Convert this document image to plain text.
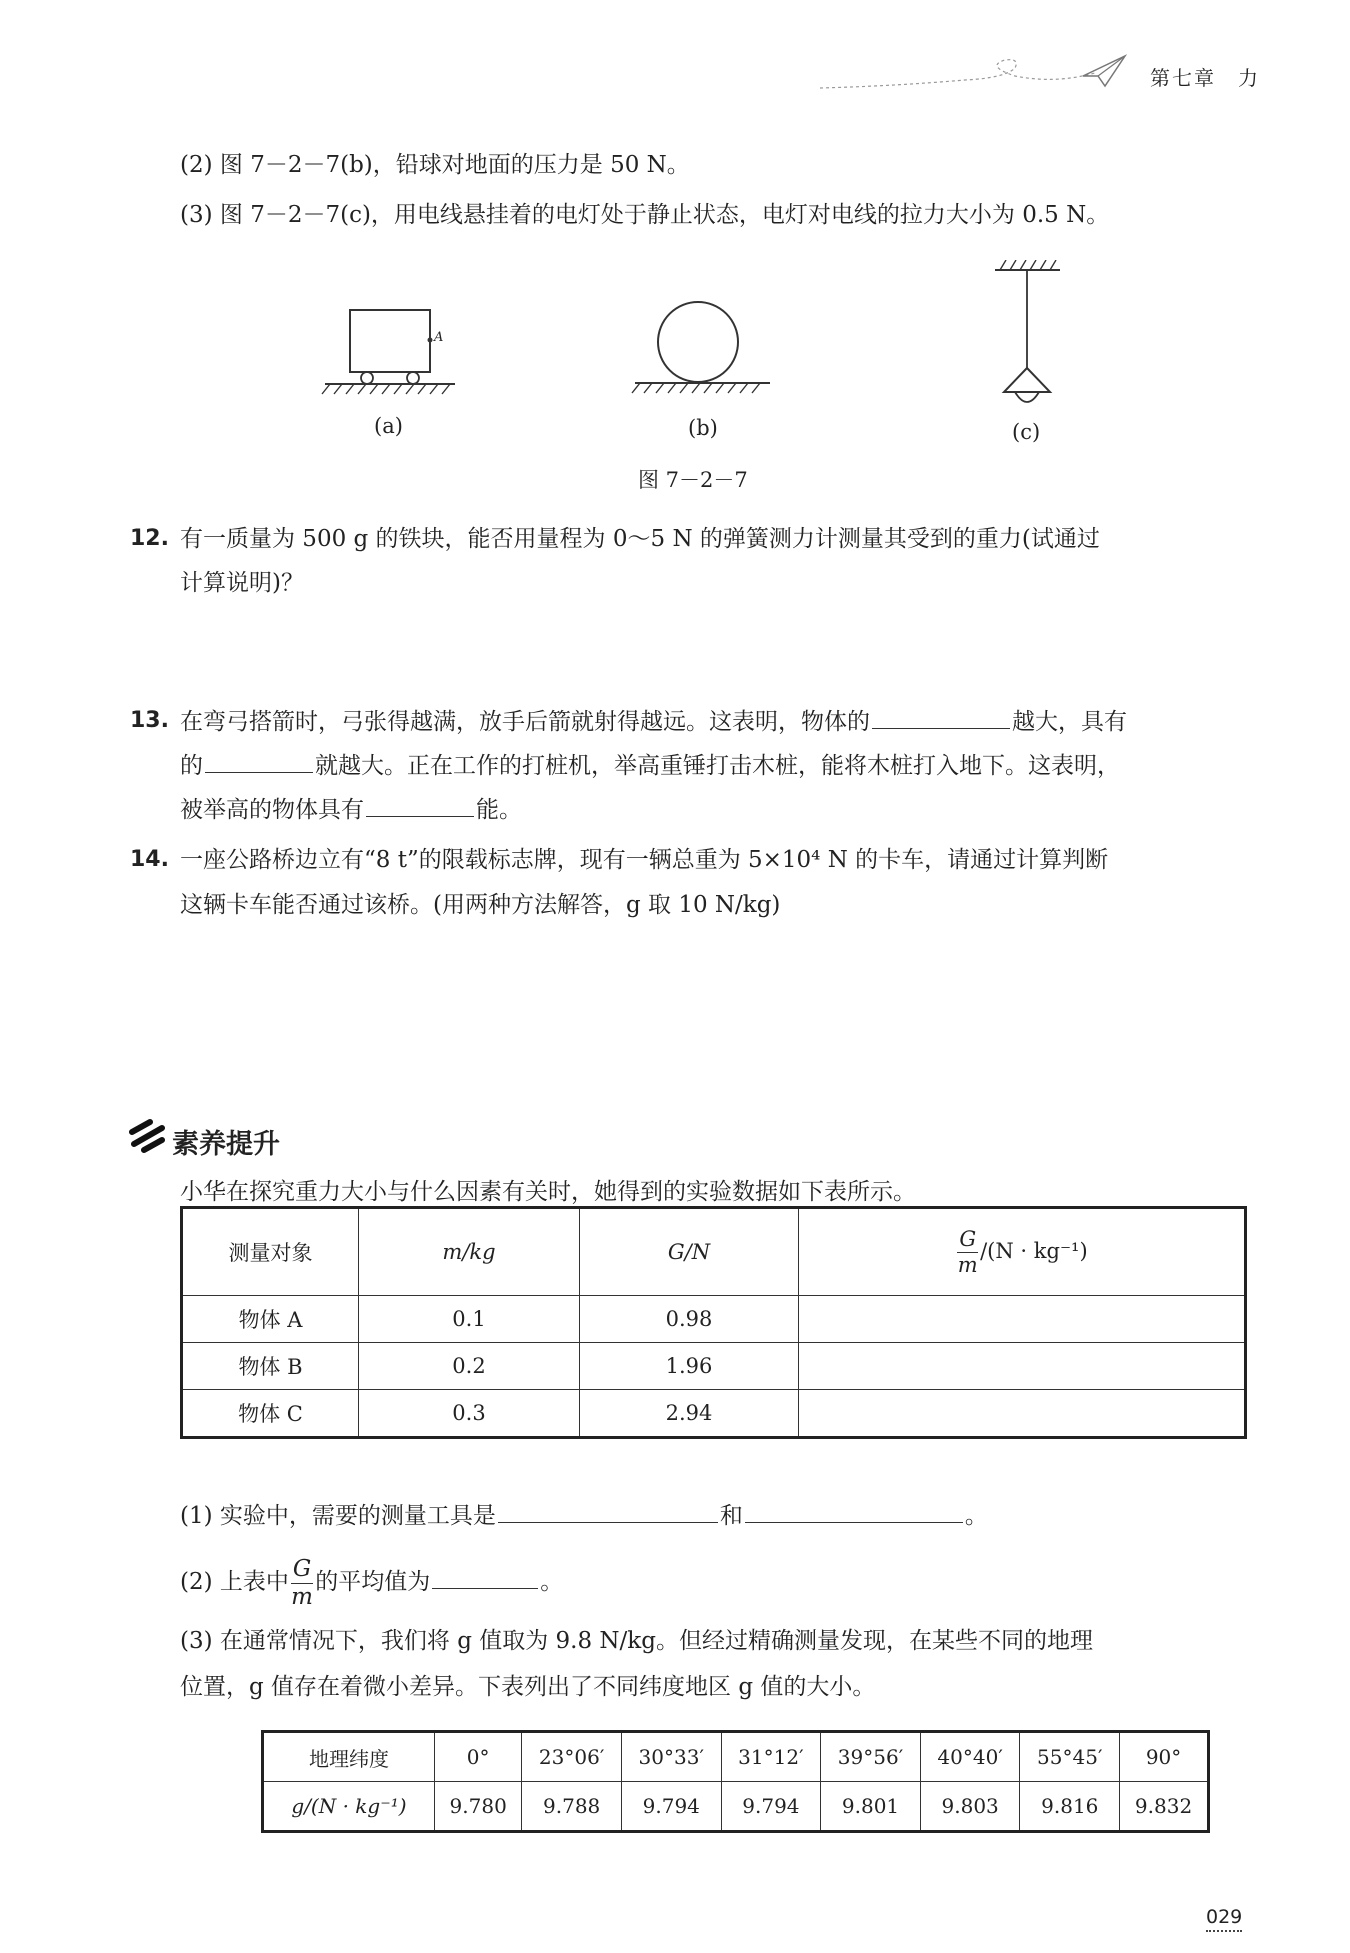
第七章　力
(2) 图 7－2－7(b)，铅球对地面的压力是 50 N。
(3) 图 7－2－7(c)，用电线悬挂着的电灯处于静止状态，电灯对电线的拉力大小为 0.5 N。
A
(a)	(b)	(c)
图 7－2－7
12. 有一质量为 500 g 的铁块，能否用量程为 0～5 N 的弹簧测力计测量其受到的重力(试通过
计算说明)？
13. 在弯弓搭箭时，弓张得越满，放手后箭就射得越远。这表明，物体的	越大，具有
的	就越大。正在工作的打桩机，举高重锤打击木桩，能将木桩打入地下。这表明，
被举高的物体具有	能。
14. 一座公路桥边立有“8 t”的限载标志牌，现有一辆总重为 5×10⁴ N 的卡车，请通过计算判断
这辆卡车能否通过该桥。(用两种方法解答，g 取 10 N/kg)
素养提升
小华在探究重力大小与什么因素有关时，她得到的实验数据如下表所示。
测量对象	m/kg	G/N	$\frac{G}{m} /(N \cdot kg^{-1})$
物体 A	0.1	0.98	
物体 B	0.2	1.96	
物体 C	0.3	2.94	
(1) 实验中，需要的测量工具是	和	。
(2) 上表中 $\frac{G}{m}$ 的平均值为	。
(3) 在通常情况下，我们将 g 值取为 9.8 N/kg。但经过精确测量发现，在某些不同的地理
位置，g 值存在着微小差异。下表列出了不同纬度地区 g 值的大小。
地理纬度	0°	23°06′	30°33′	31°12′	39°56′	40°40′	55°45′	90°
g/(N · kg⁻¹)	9.780	9.788	9.794	9.794	9.801	9.803	9.816	9.832
029
